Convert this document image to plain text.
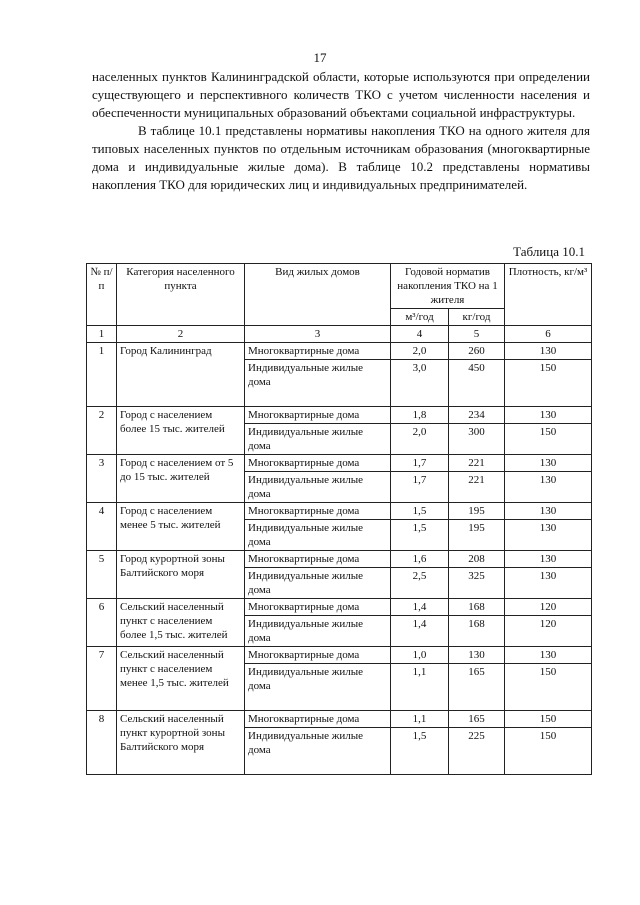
17

населенных пунктов Калининградской области, которые используются при определении существующего и перспективного количеств ТКО с учетом численности населения и обеспеченности муниципальных образований объектами социальной инфраструктуры.

В таблице 10.1 представлены нормативы накопления ТКО на одного жителя для типовых населенных пунктов по отдельным источникам образования (многоквартирные дома и индивидуальные жилые дома). В таблице 10.2 представлены нормативы накопления ТКО для юридических лиц и индивидуальных предпринимателей.

Таблица 10.1
№ п/п	Категория населенного пункта	Вид жилых домов	Годовой норматив накопления ТКО на 1 жителя		Плотность, кг/м³
			м³/год	кг/год	
1	2	3	4	5	6
1	Город Калининград	Многоквартирные дома	2,0	260	130
		Индивидуальные жилые дома	3,0	450	150
2	Город с населением более 15 тыс. жителей	Многоквартирные дома	1,8	234	130
		Индивидуальные жилые дома	2,0	300	150
3	Город с населением от 5 до 15 тыс. жителей	Многоквартирные дома	1,7	221	130
		Индивидуальные жилые дома	1,7	221	130
4	Город с населением менее 5 тыс. жителей	Многоквартирные дома	1,5	195	130
		Индивидуальные жилые дома	1,5	195	130
5	Город курортной зоны Балтийского моря	Многоквартирные дома	1,6	208	130
		Индивидуальные жилые дома	2,5	325	130
6	Сельский населенный пункт с населением более 1,5 тыс. жителей	Многоквартирные дома	1,4	168	120
		Индивидуальные жилые дома	1,4	168	120
7	Сельский населенный пункт с населением менее 1,5 тыс. жителей	Многоквартирные дома	1,0	130	130
		Индивидуальные жилые дома	1,1	165	150
8	Сельский населенный пункт курортной зоны Балтийского моря	Многоквартирные дома	1,1	165	150
		Индивидуальные жилые дома	1,5	225	150
